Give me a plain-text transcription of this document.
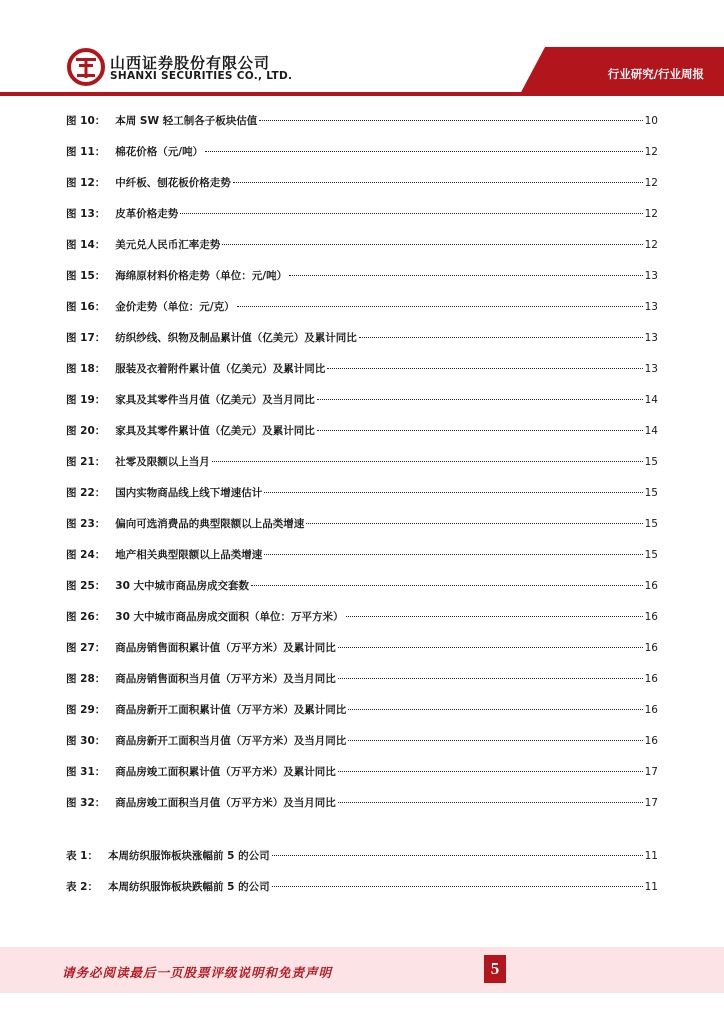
山西证券股份有限公司
SHANXI SECURITIES CO., LTD.	行业研究/行业周报
图 10： 本周 SW 轻工制各子板块估值	10
图 11： 棉花价格（元/吨）	12
图 12： 中纤板、刨花板价格走势	12
图 13： 皮革价格走势	12
图 14： 美元兑人民币汇率走势	12
图 15： 海绵原材料价格走势（单位：元/吨）	13
图 16： 金价走势（单位：元/克）	13
图 17： 纺织纱线、织物及制品累计值（亿美元）及累计同比	13
图 18： 服装及衣着附件累计值（亿美元）及累计同比	13
图 19： 家具及其零件当月值（亿美元）及当月同比	14
图 20： 家具及其零件累计值（亿美元）及累计同比	14
图 21： 社零及限额以上当月	15
图 22： 国内实物商品线上线下增速估计	15
图 23： 偏向可选消费品的典型限额以上品类增速	15
图 24： 地产相关典型限额以上品类增速	15
图 25： 30 大中城市商品房成交套数	16
图 26： 30 大中城市商品房成交面积（单位：万平方米）	16
图 27： 商品房销售面积累计值（万平方米）及累计同比	16
图 28： 商品房销售面积当月值（万平方米）及当月同比	16
图 29： 商品房新开工面积累计值（万平方米）及累计同比	16
图 30： 商品房新开工面积当月值（万平方米）及当月同比	16
图 31： 商品房竣工面积累计值（万平方米）及累计同比	17
图 32： 商品房竣工面积当月值（万平方米）及当月同比	17
表 1： 本周纺织服饰板块涨幅前 5 的公司	11
表 2： 本周纺织服饰板块跌幅前 5 的公司	11
请务必阅读最后一页股票评级说明和免责声明	5
